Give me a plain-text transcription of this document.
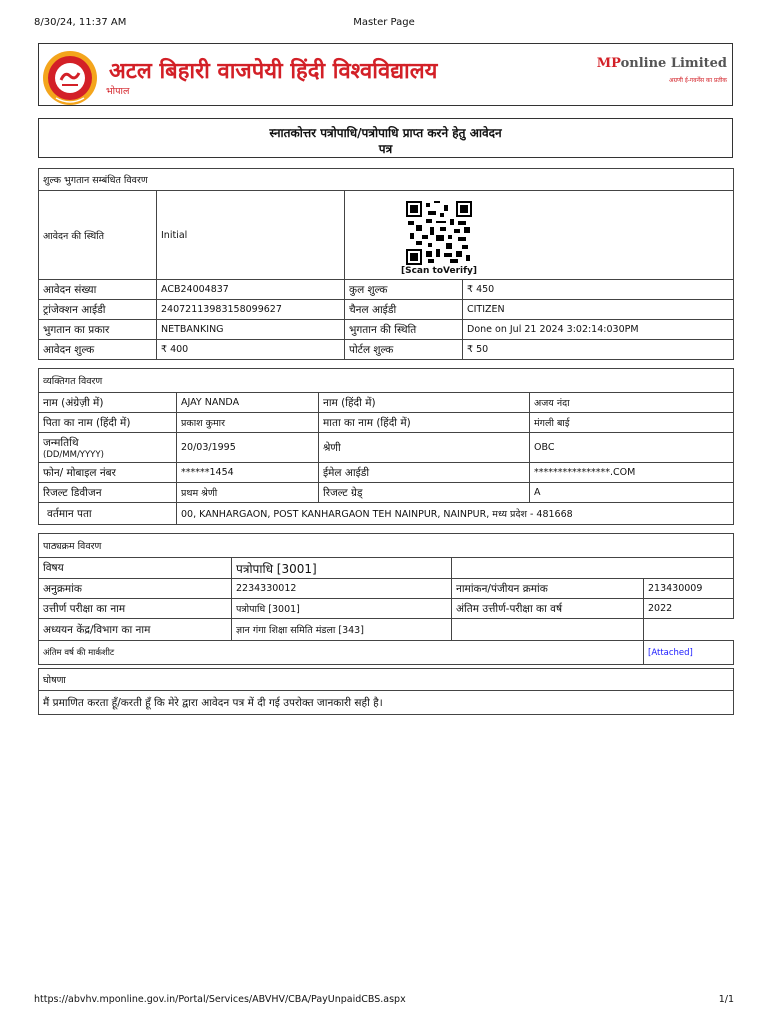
8/30/24, 11:37 AM	Master Page
https://abvhv.mponline.gov.in/Portal/Services/ABVHV/CBA/PayUnpaidCBS.aspx	1/1
अटल बिहारी वाजपेयी हिंदी विश्वविद्यालय
भोपाल
MPonline Limited
अग्रणी ई-गवर्नेंस का प्रतीक
स्नातकोत्तर पत्रोपाधि/पत्रोपाधि प्राप्त करने हेतु आवेदन
पत्र
शुल्क भुगतान सम्बंधित विवरण			
आवेदन की स्थिति	Initial	[Scan toVerify]	

आवेदन संख्या	ACB24004837	कुल शुल्क	₹ 450
ट्रांजेक्शन आईडी	24072113983158099627	चैनल आईडी	CITIZEN
भुगतान का प्रकार	NETBANKING	भुगतान की स्थिति	Done on Jul 21 2024 3:02:14:030PM
आवेदन शुल्क	₹ 400	पोर्टल शुल्क	₹ 50
व्यक्तिगत विवरण			
नाम (अंग्रेज़ी में)	AJAY NANDA	नाम (हिंदी में)	अजय नंदा
पिता का नाम (हिंदी में)	प्रकाश कुमार	माता का नाम (हिंदी में)	मंगली बाई

जन्मतिथि
(DD/MM/YYYY)	20/03/1995	श्रेणी	OBC
फोन/ मोबाइल नंबर	******1454	ईमेल आईडी	****************.COM
रिजल्ट डिवीजन	प्रथम श्रेणी	रिजल्ट ग्रेड्	A
वर्तमान पता	00, KANHARGAON, POST KANHARGAON TEH NAINPUR, NAINPUR, मध्य प्रदेश - 481668		
पाठ्यक्रम विवरण			
विषय	पत्रोपाधि [3001]		
अनुक्रमांक	2234330012	नामांकन/पंजीयन क्रमांक	213430009
उत्तीर्ण परीक्षा का नाम	पत्रोपाधि [3001]	अंतिम उत्तीर्ण-परीक्षा का वर्ष	2022
अध्ययन केंद्र/विभाग का नाम	ज्ञान गंगा शिक्षा समिति मंडला [343]		
अंतिम वर्ष की मार्कशीट			[Attached]
घोषणा
मैं प्रमाणित करता हूँ/करती हूँ कि मेरे द्वारा आवेदन पत्र में दी गई उपरोक्त जानकारी सही है।
